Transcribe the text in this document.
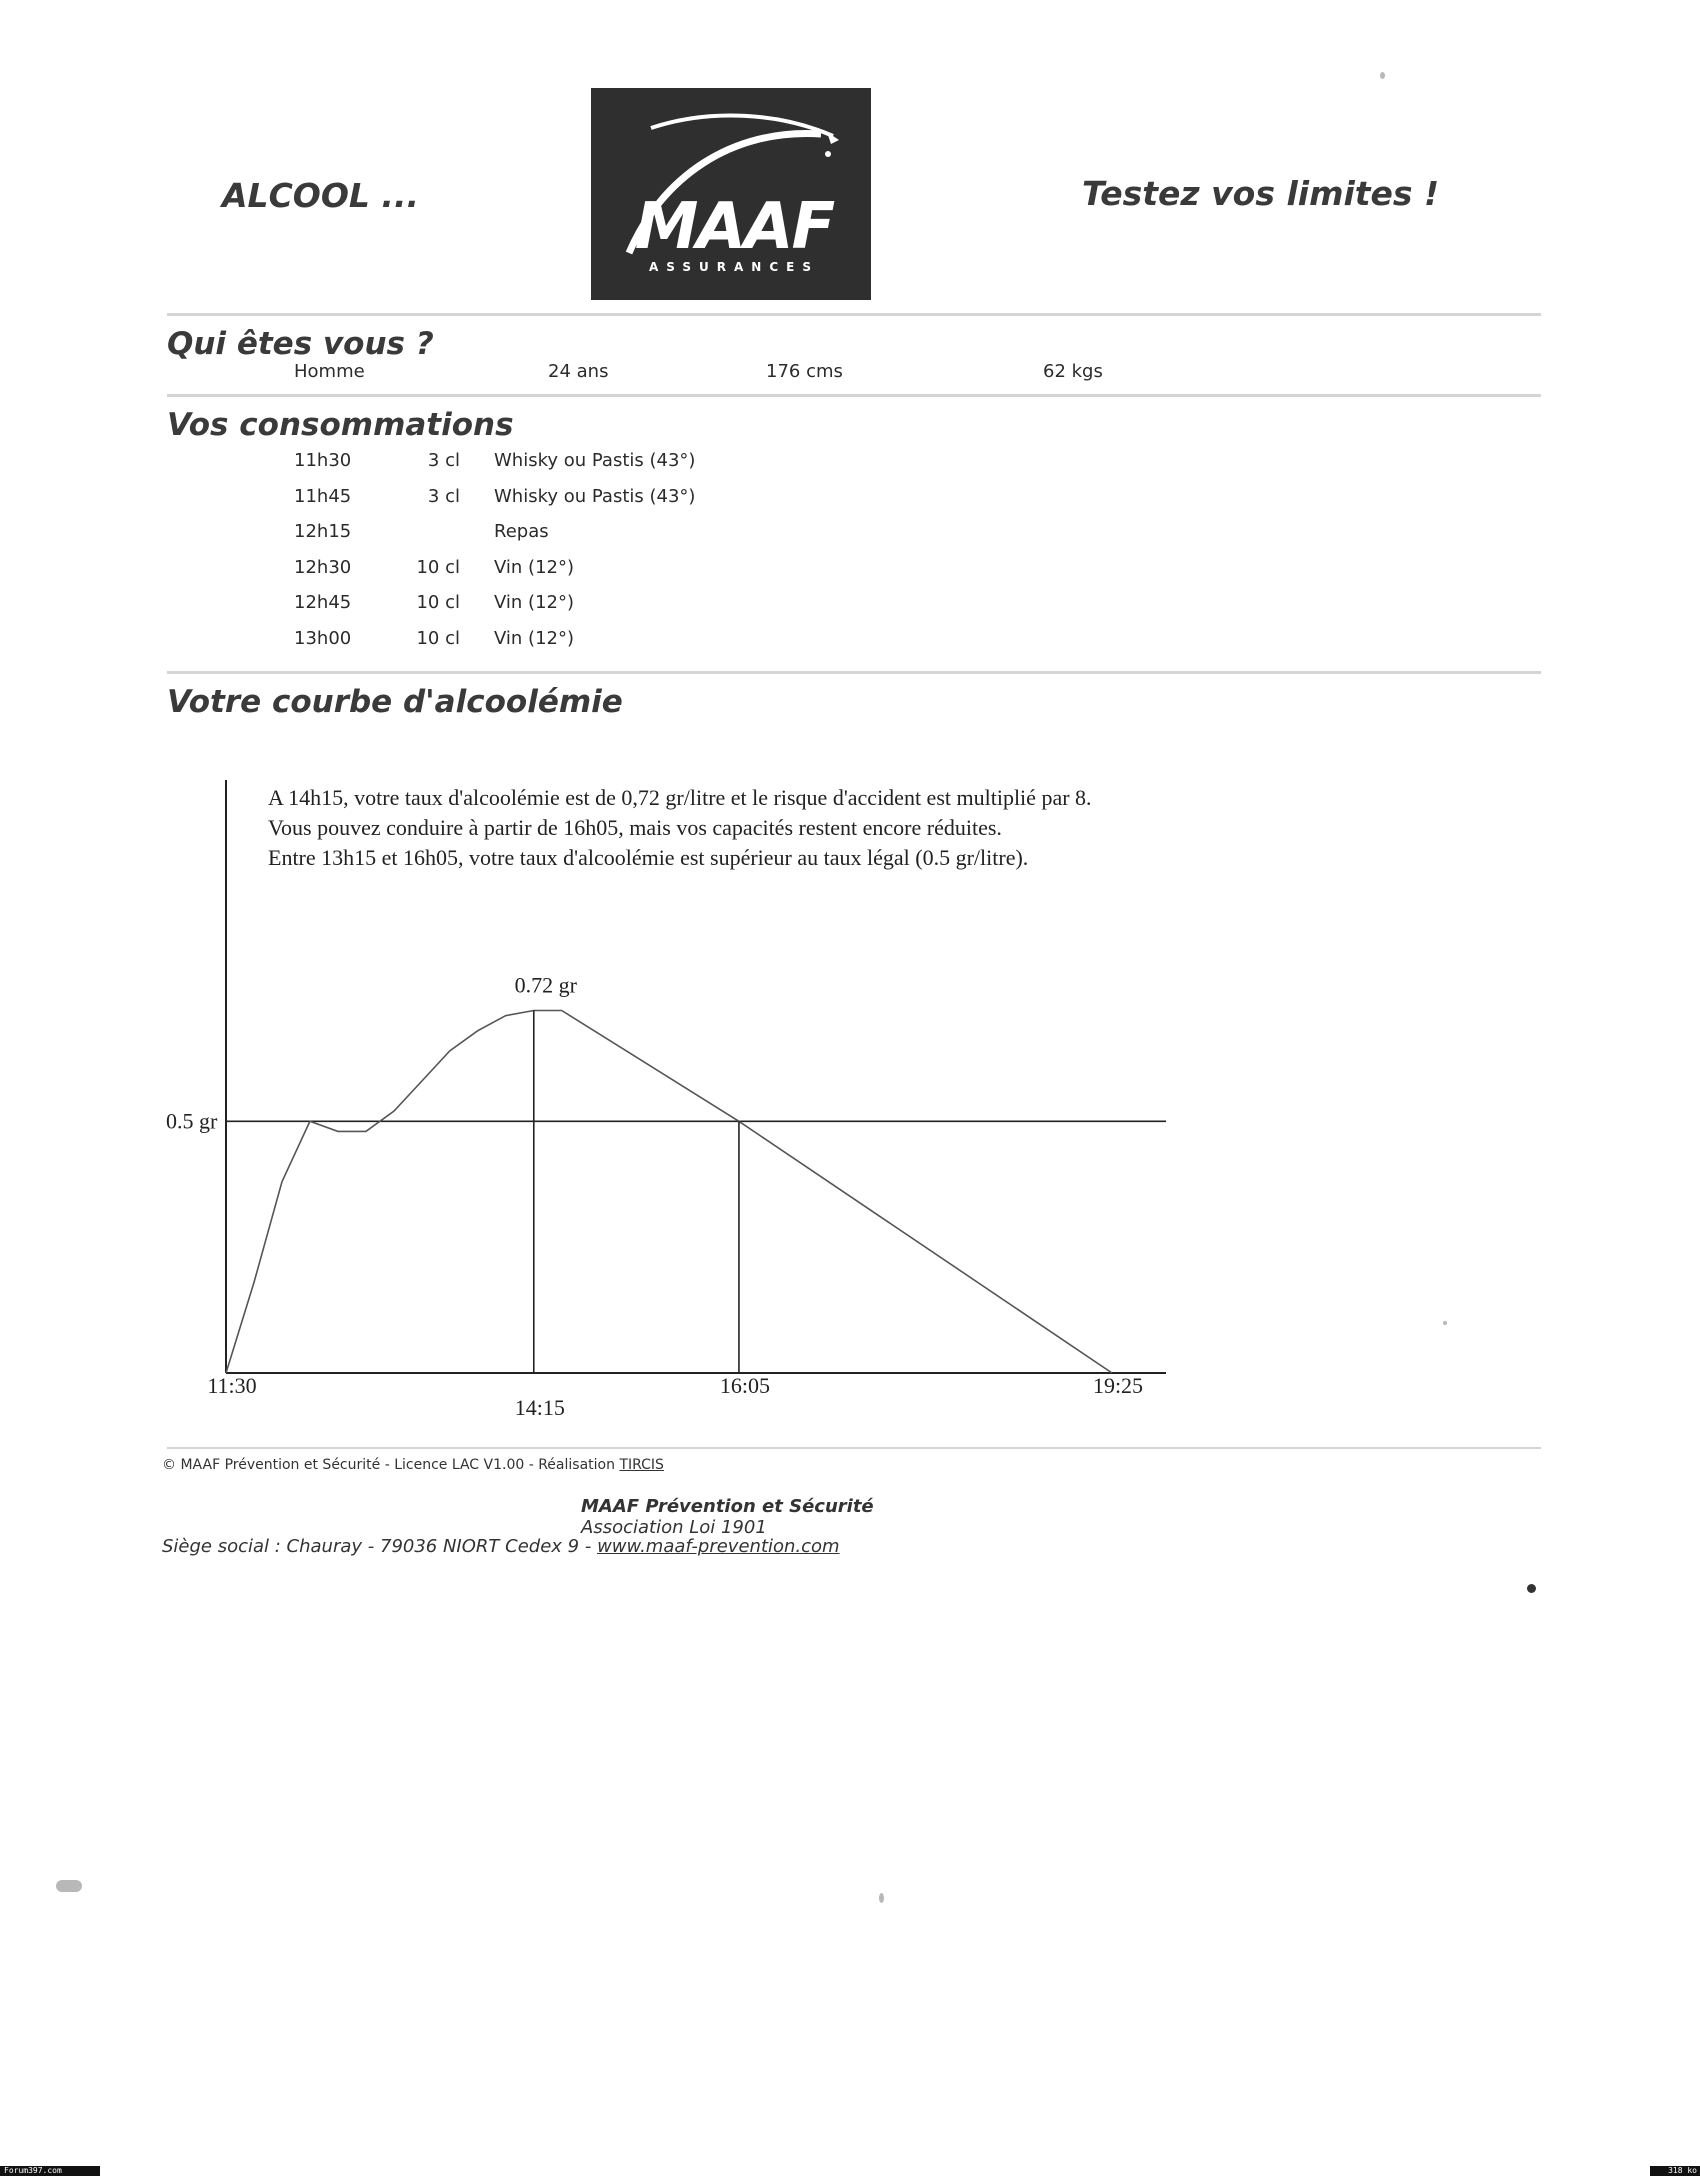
ALCOOL ...	MAAF
ASSURANCES
Testez vos limites !
Qui êtes vous ?
Homme	24 ans	176 cms	62 kgs
Vos consommations
11h30	3 cl Whisky ou Pastis (43°)
11h45	3 cl Whisky ou Pastis (43°)
12h15	Repas
12h30	10 cl Vin (12°)
12h45	10 cl Vin (12°)
13h00	10 cl Vin (12°)
Votre courbe d'alcoolémie
A 14h15, votre taux d'alcoolémie est de 0,72 gr/litre et le risque d'accident est multiplié par 8.
Vous pouvez conduire à partir de 16h05, mais vos capacités restent encore réduites.
Entre 13h15 et 16h05, votre taux d'alcoolémie est supérieur au taux légal (0.5 gr/litre).
0.5 gr
0.72 gr
11:30
14:15
16:05	19:25
© MAAF Prévention et Sécurité - Licence LAC V1.00 - Réalisation TIRCIS
MAAF Prévention et Sécurité
Association Loi 1901
Siège social : Chauray - 79036 NIORT Cedex 9 - www.maaf-prevention.com
Forum397.com	318 ko
